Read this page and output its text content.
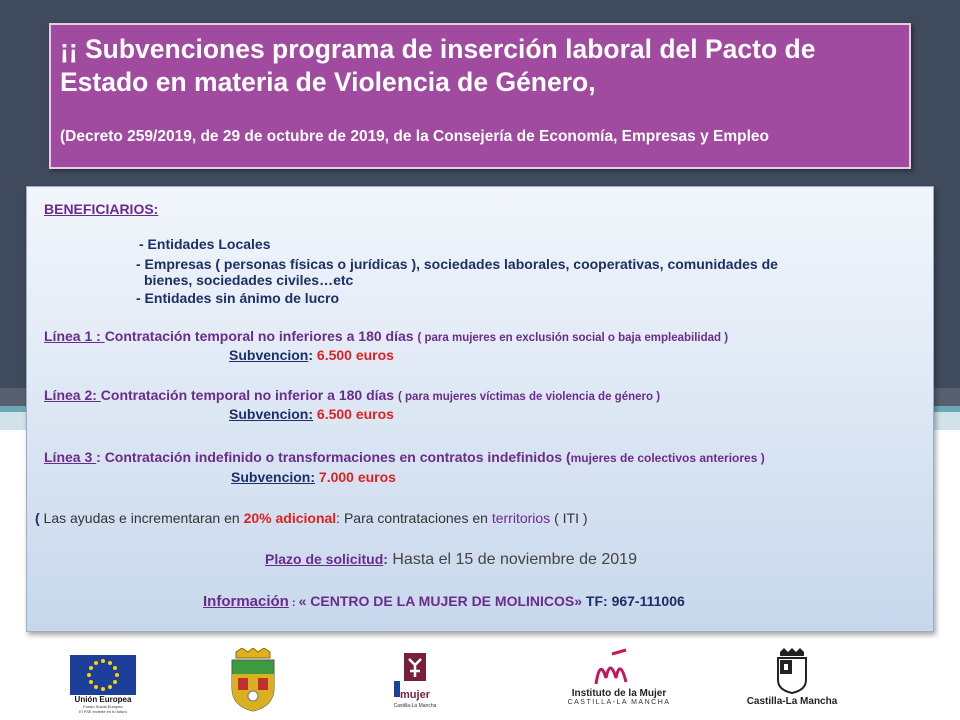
¡¡ Subvenciones programa de inserción laboral del Pacto de Estado en materia de Violencia de Género,
(Decreto 259/2019, de 29 de octubre de 2019, de la Consejería de Economía, Empresas y Empleo
BENEFICIARIOS:
- Entidades Locales
- Empresas ( personas físicas o jurídicas ), sociedades laborales, cooperativas, comunidades de
bienes, sociedades civiles…etc
- Entidades sin ánimo de lucro
Línea 1 : Contratación temporal no inferiores a 180 días ( para mujeres en exclusión social o baja empleabilidad )
Subvencion: 6.500 euros
Línea 2: Contratación temporal no inferior a 180 días ( para mujeres víctimas de violencia de género )
Subvencion: 6.500 euros
Línea 3 : Contratación indefinido o transformaciones en contratos indefinidos (mujeres de colectivos anteriores )
Subvencion: 7.000 euros
( Las ayudas e incrementaran en 20% adicional: Para contrataciones en territorios ( ITI )
Plazo de solicitud: Hasta el 15 de noviembre de 2019
Información : « CENTRO DE LA MUJER DE MOLINICOS» TF: 967-111006
Unión Europea
Fondo Social Europeo
El FSE invierte en tu futuro
mujer
Castilla-La Mancha
Instituto de la Mujer
CASTILLA-LA MANCHA	Castilla-La Mancha
